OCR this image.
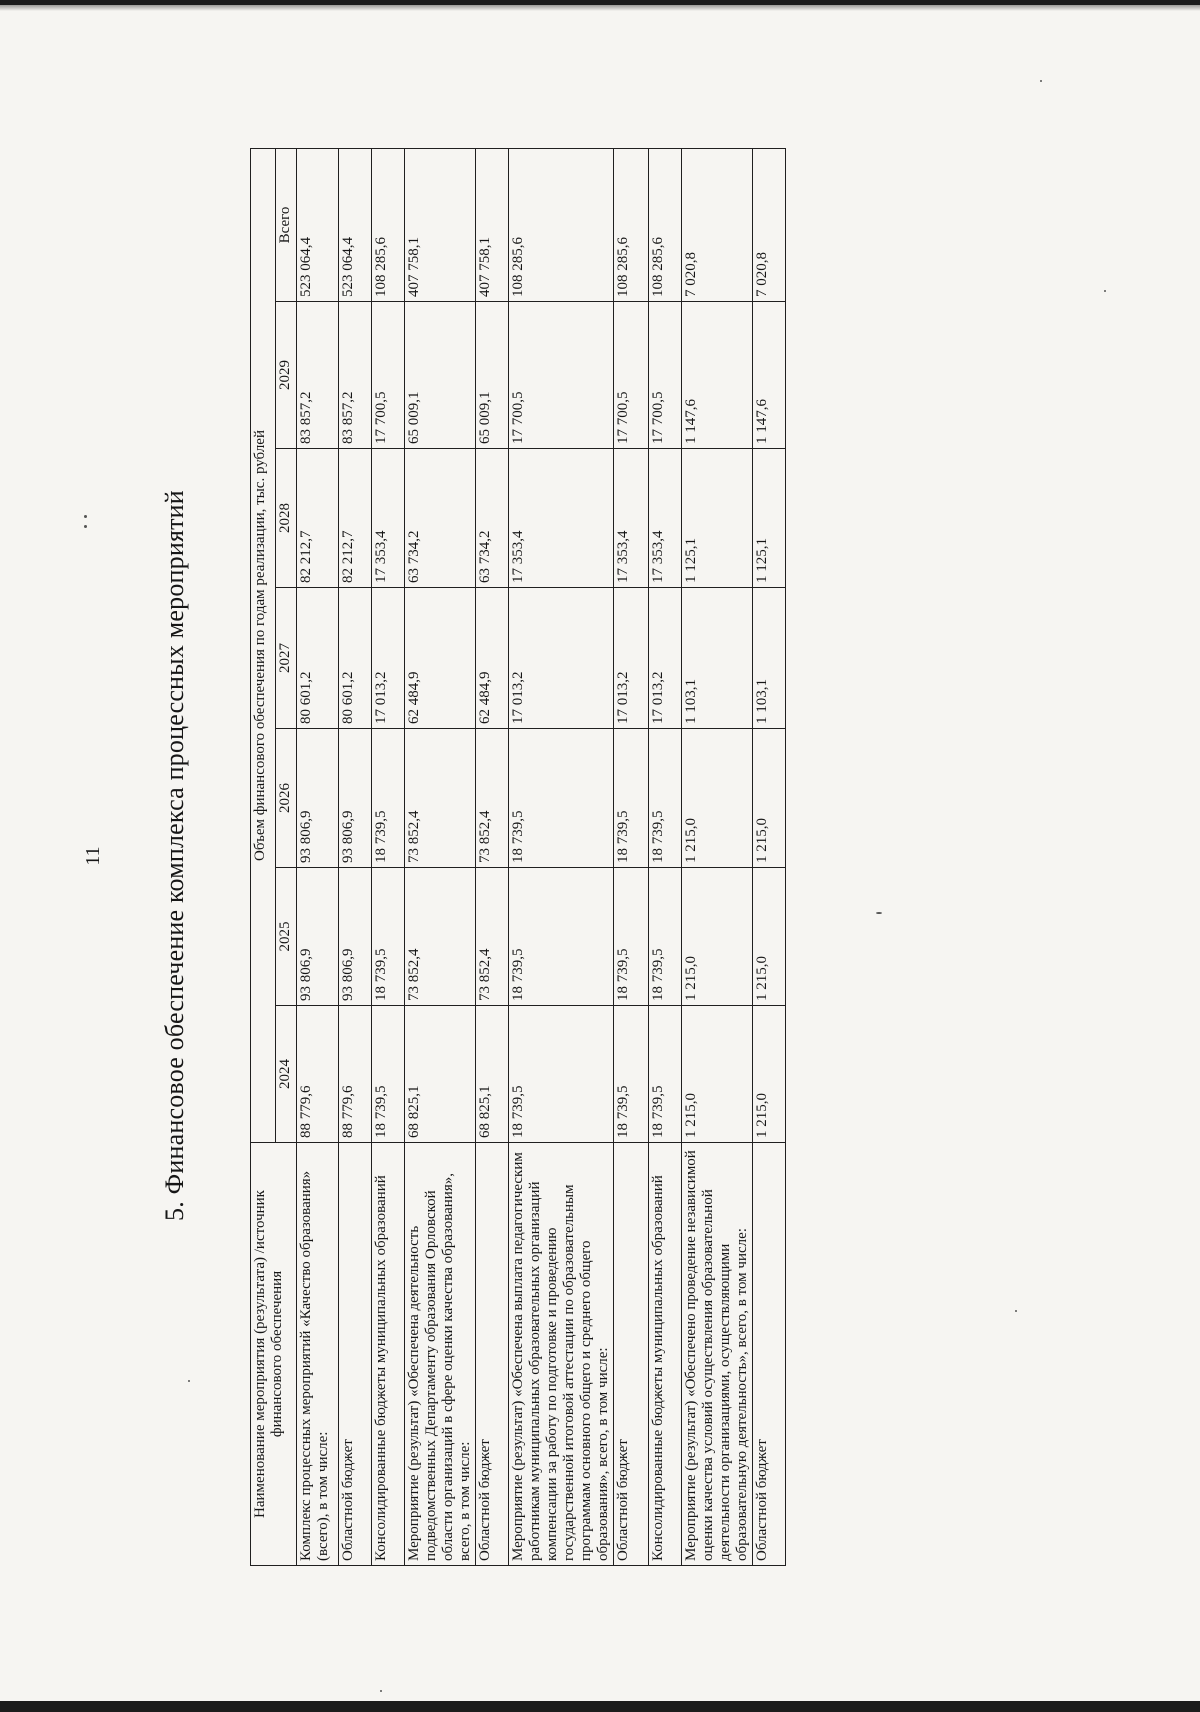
11 5. Финансовое обеспечение комплекса процессных мероприятий
Наименование мероприятия (результата) /источник финансового обеспечения	Объем финансового обеспечения по годам реализации, тыс. рублей						
	2024	2025	2026	2027	2028	2029	Всего
Комплекс процессных мероприятий «Качество образования» (всего), в том числе:	88 779,6	93 806,9	93 806,9	80 601,2	82 212,7	83 857,2	523 064,4
Областной бюджет	88 779,6	93 806,9	93 806,9	80 601,2	82 212,7	83 857,2	523 064,4
Консолидированные бюджеты муниципальных образований	18 739,5	18 739,5	18 739,5	17 013,2	17 353,4	17 700,5	108 285,6
Мероприятие (результат) «Обеспечена деятельность подведомственных Департаменту образования Орловской области организаций в сфере оценки качества образования», всего, в том числе:	68 825,1	73 852,4	73 852,4	62 484,9	63 734,2	65 009,1	407 758,1
Областной бюджет	68 825,1	73 852,4	73 852,4	62 484,9	63 734,2	65 009,1	407 758,1
Мероприятие (результат) «Обеспечена выплата педагогическим работникам муниципальных образовательных организаций компенсации за работу по подготовке и проведению государственной итоговой аттестации по образовательным программам основного общего и среднего общего образования», всего, в том числе:	18 739,5	18 739,5	18 739,5	17 013,2	17 353,4	17 700,5	108 285,6
Областной бюджет	18 739,5	18 739,5	18 739,5	17 013,2	17 353,4	17 700,5	108 285,6
Консолидированные бюджеты муниципальных образований	18 739,5	18 739,5	18 739,5	17 013,2	17 353,4	17 700,5	108 285,6
Мероприятие (результат) «Обеспечено проведение независимой оценки качества условий осуществления образовательной деятельности организациями, осуществляющими образовательную деятельность», всего, в том числе:	1 215,0	1 215,0	1 215,0	1 103,1	1 125,1	1 147,6	7 020,8
Областной бюджет	1 215,0	1 215,0	1 215,0	1 103,1	1 125,1	1 147,6	7 020,8
